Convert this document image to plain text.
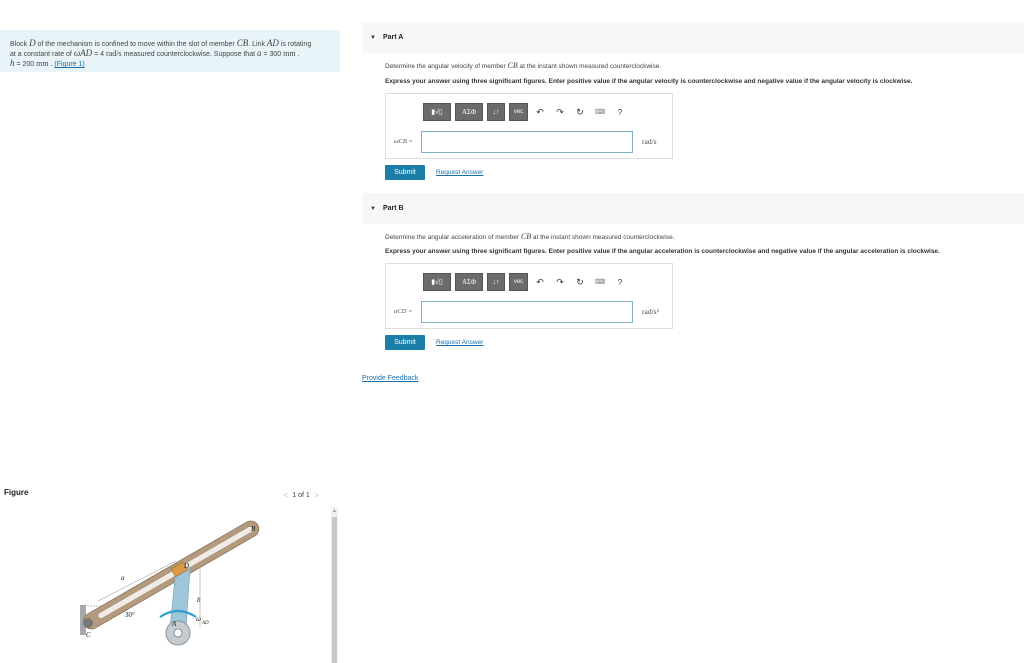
Block D of the mechanism is confined to move within the slot of member CB. Link AD is rotating
at a constant rate of ωAD = 4 rad/s measured counterclockwise. Suppose that a = 300 mm .
h = 200 mm . (Figure 1)
Figure	< 1 of 1 >
B
D
a
b
30°	ω
AD
A
C
▲
▼ Part A
Determine the angular velocity of member CB at the instant shown measured counterclockwise.
Express your answer using three significant figures. Enter positive value if the angular velocity is counterclockwise and negative value if the angular velocity is clockwise.
▮√▯	ΑΣΦ	↓↑	vec	↶	↷	↻	⌨	?
ωCB =	rad/s
Submit	Request Answer
▼ Part B
Determine the angular acceleration of member CB at the instant shown measured counterclockwise.
Express your answer using three significant figures. Enter positive value if the angular acceleration is counterclockwise and negative value if the angular acceleration is clockwise.
▮√▯	ΑΣΦ	↓↑	vec	↶	↷	↻	⌨	?
αCD =	rad/s²
Submit	Request Answer
Provide Feedback
